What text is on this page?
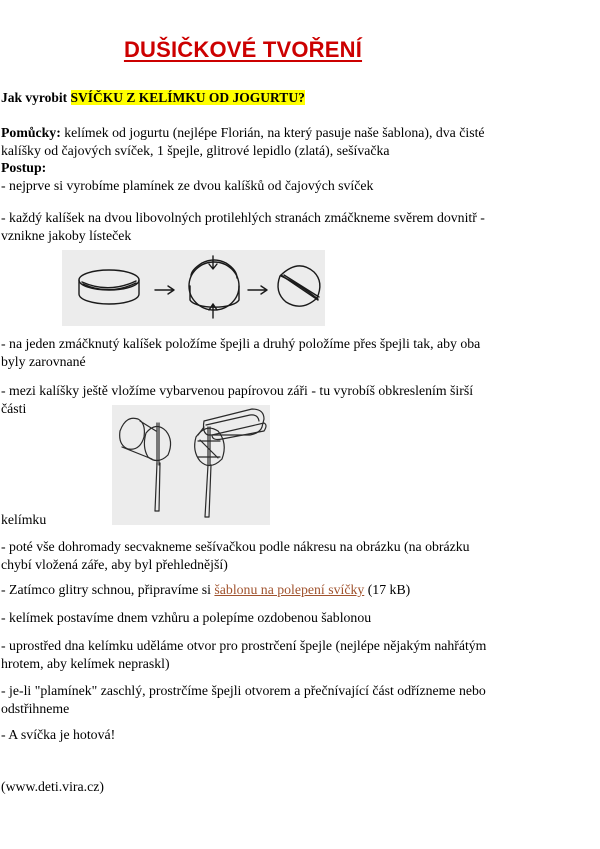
DUŠIČKOVÉ TVOŘENÍ
Jak vyrobit SVÍČKU Z KELÍMKU OD JOGURTU?
Pomůcky: kelímek od jogurtu (nejlépe Florián, na který pasuje naše šablona), dva čisté kalíšky od čajových svíček, 1 špejle, glitrové lepidlo (zlatá), sešívačka
Postup:
- nejprve si vyrobíme plamínek ze dvou kalíšků od čajových svíček
- každý kalíšek na dvou libovolných protilehlých stranách zmáčkneme svěrem dovnitř - vznikne jakoby lísteček
- na jeden zmáčknutý kalíšek položíme špejli a druhý položíme přes špejli tak, aby oba byly zarovnané
- mezi kalíšky ještě vložíme vybarvenou papírovou záři - tu vyrobíš obkreslením širší části
kelímku
- poté vše dohromady secvakneme sešívačkou podle nákresu na obrázku (na obrázku chybí vložená záře, aby byl přehlednější)
- Zatímco glitry schnou, připravíme si šablonu na polepení svíčky (17 kB)
- kelímek postavíme dnem vzhůru a polepíme ozdobenou šablonou
- uprostřed dna kelímku uděláme otvor pro prostrčení špejle (nejlépe nějakým nahřátým hrotem, aby kelímek nepraskl)
- je-li "plamínek" zaschlý, prostrčíme špejli otvorem a přečnívající část odřízneme nebo odstřihneme
- A svíčka je hotová!
(www.deti.vira.cz)
